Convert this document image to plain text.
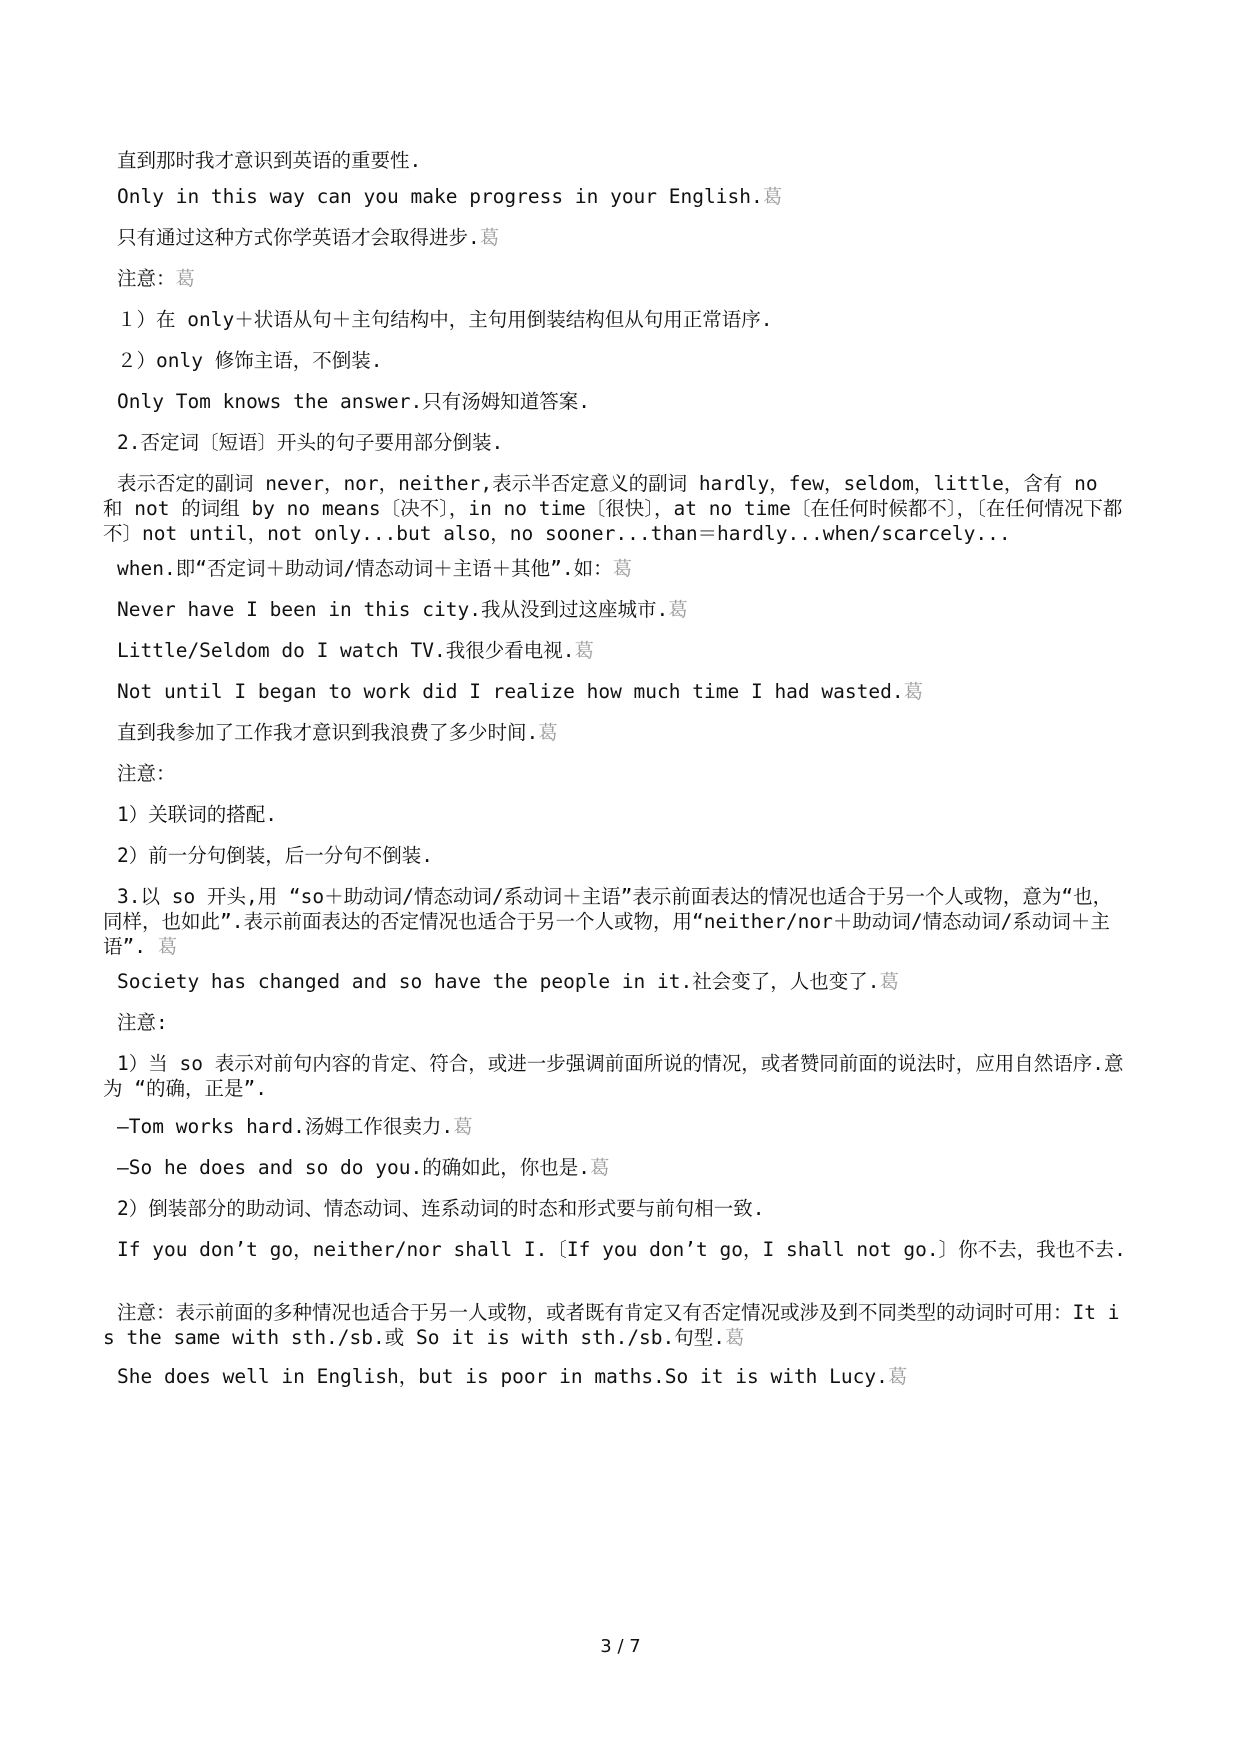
直到那时我才意识到英语的重要性.

Only in this way can you make progress in your English.葛

只有通过这种方式你学英语才会取得进步.葛

注意：葛

１）在 only＋状语从句＋主句结构中，主句用倒装结构但从句用正常语序.

２）only 修饰主语，不倒装.

Only Tom knows the answer.只有汤姆知道答案.

2.否定词〔短语〕开头的句子要用部分倒装.

表示否定的副词 never，nor，neither,表示半否定意义的副词 hardly，few，seldom，little，含有 no 和 not 的词组 by no means〔决不〕，in no time〔很快〕，at no time〔在任何时候都不〕，〔在任何情况下都不〕not until，not only...but also，no sooner...than＝hardly...when/scarcely...

when.即“否定词＋助动词/情态动词＋主语＋其他”.如：葛

Never have I been in this city.我从没到过这座城市.葛

Little/Seldom do I watch TV.我很少看电视.葛

Not until I began to work did I realize how much time I had wasted.葛

直到我参加了工作我才意识到我浪费了多少时间.葛

注意：

1）关联词的搭配.

2）前一分句倒装，后一分句不倒装.

3.以 so 开头,用 “so＋助动词/情态动词/系动词＋主语”表示前面表达的情况也适合于另一个人或物，意为“也，同样，也如此”.表示前面表达的否定情况也适合于另一个人或物，用“neither/nor＋助动词/情态动词/系动词＋主语”. 葛

Society has changed and so have the people in it.社会变了，人也变了.葛

注意:

1）当 so 表示对前句内容的肯定、符合，或进一步强调前面所说的情况，或者赞同前面的说法时，应用自然语序.意为 “的确，正是”.

—Tom works hard.汤姆工作很卖力.葛

—So he does and so do you.的确如此，你也是.葛

2）倒装部分的助动词、情态动词、连系动词的时态和形式要与前句相一致.

If you don’t go，neither/nor shall I.〔If you don’t go，I shall not go.〕你不去，我也不去.

注意：表示前面的多种情况也适合于另一人或物，或者既有肯定又有否定情况或涉及到不同类型的动词时可用：It is the same with sth./sb.或 So it is with sth./sb.句型.葛

She does well in English，but is poor in maths.So it is with Lucy.葛

3 / 7
